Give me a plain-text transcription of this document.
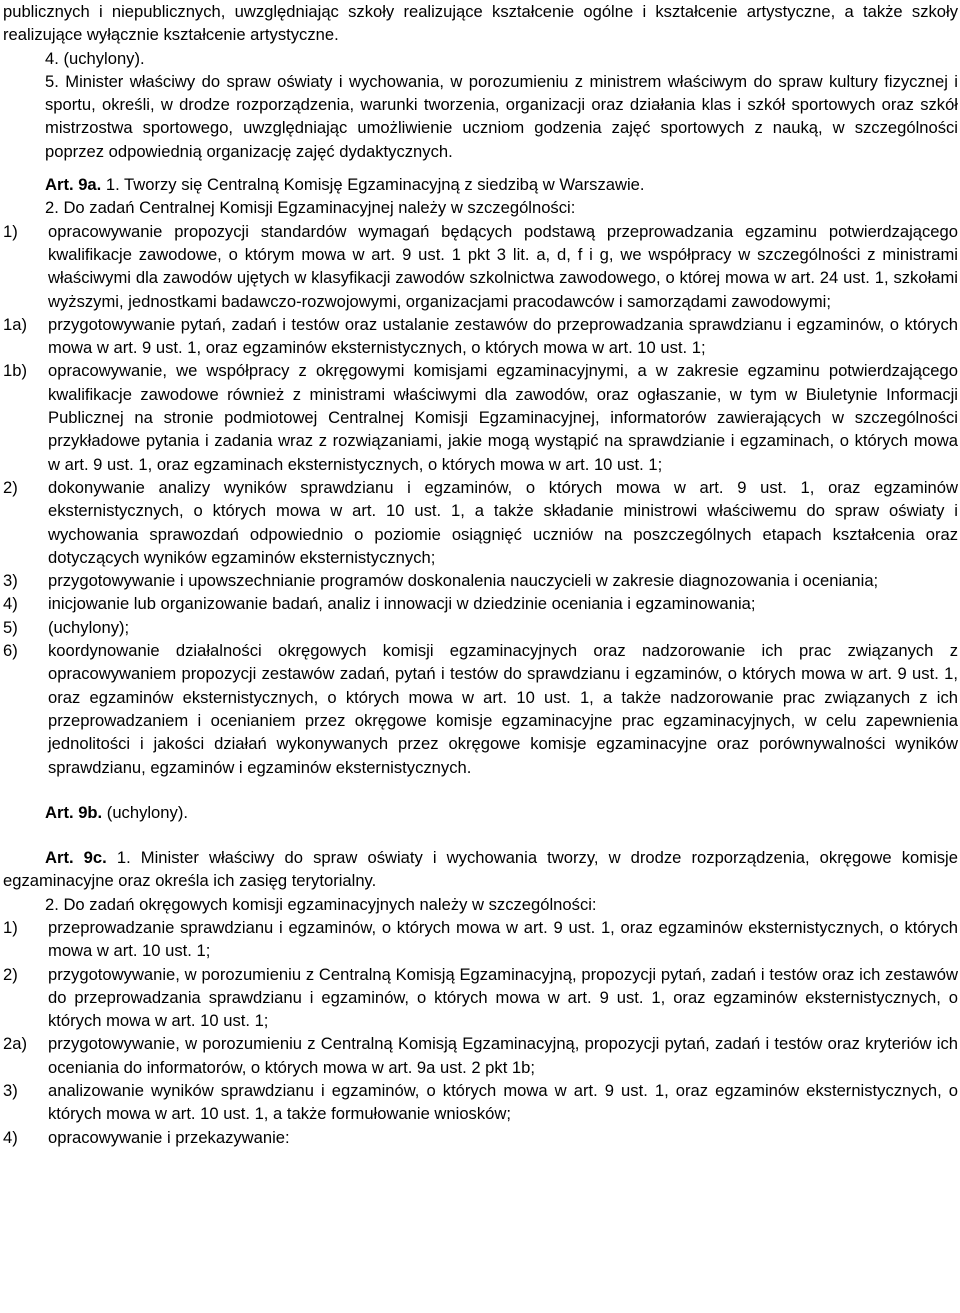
publicznych i niepublicznych, uwzględniając szkoły realizujące kształcenie ogólne i kształcenie artystyczne, a także szkoły realizujące wyłącznie kształcenie artystyczne.

4. (uchylony).

5. Minister właściwy do spraw oświaty i wychowania, w porozumieniu z ministrem właściwym do spraw kultury fizycznej i sportu, określi, w drodze rozporządzenia, warunki tworzenia, organizacji oraz działania klas i szkół sportowych oraz szkół mistrzostwa sportowego, uwzględniając umożliwienie uczniom godzenia zajęć sportowych z nauką, w szczególności poprzez odpowiednią organizację zajęć dydaktycznych.

Art. 9a. 1. Tworzy się Centralną Komisję Egzaminacyjną z siedzibą w Warszawie.

2. Do zadań Centralnej Komisji Egzaminacyjnej należy w szczególności:

1) opracowywanie propozycji standardów wymagań będących podstawą przeprowadzania egzaminu potwierdzającego kwalifikacje zawodowe, o którym mowa w art. 9 ust. 1 pkt 3 lit. a, d, f i g, we współpracy w szczególności z ministrami właściwymi dla zawodów ujętych w klasyfikacji zawodów szkolnictwa zawodowego, o której mowa w art. 24 ust. 1, szkołami wyższymi, jednostkami badawczo-rozwojowymi, organizacjami pracodawców i samorządami zawodowymi;
1a) przygotowywanie pytań, zadań i testów oraz ustalanie zestawów do przeprowadzania sprawdzianu i egzaminów, o których mowa w art. 9 ust. 1, oraz egzaminów eksternistycznych, o których mowa w art. 10 ust. 1;
1b) opracowywanie, we współpracy z okręgowymi komisjami egzaminacyjnymi, a w zakresie egzaminu potwierdzającego kwalifikacje zawodowe również z ministrami właściwymi dla zawodów, oraz ogłaszanie, w tym w Biuletynie Informacji Publicznej na stronie podmiotowej Centralnej Komisji Egzaminacyjnej, informatorów zawierających w szczególności przykładowe pytania i zadania wraz z rozwiązaniami, jakie mogą wystąpić na sprawdzianie i egzaminach, o których mowa w art. 9 ust. 1, oraz egzaminach eksternistycznych, o których mowa w art. 10 ust. 1;
2) dokonywanie analizy wyników sprawdzianu i egzaminów, o których mowa w art. 9 ust. 1, oraz egzaminów eksternistycznych, o których mowa w art. 10 ust. 1, a także składanie ministrowi właściwemu do spraw oświaty i wychowania sprawozdań odpowiednio o poziomie osiągnięć uczniów na poszczególnych etapach kształcenia oraz dotyczących wyników egzaminów eksternistycznych;
3) przygotowywanie i upowszechnianie programów doskonalenia nauczycieli w zakresie diagnozowania i oceniania;
4) inicjowanie lub organizowanie badań, analiz i innowacji w dziedzinie oceniania i egzaminowania;
5) (uchylony);
6) koordynowanie działalności okręgowych komisji egzaminacyjnych oraz nadzorowanie ich prac związanych z opracowywaniem propozycji zestawów zadań, pytań i testów do sprawdzianu i egzaminów, o których mowa w art. 9 ust. 1, oraz egzaminów eksternistycznych, o których mowa w art. 10 ust. 1, a także nadzorowanie prac związanych z ich przeprowadzaniem i ocenianiem przez okręgowe komisje egzaminacyjne prac egzaminacyjnych, w celu zapewnienia jednolitości i jakości działań wykonywanych przez okręgowe komisje egzaminacyjne oraz porównywalności wyników sprawdzianu, egzaminów i egzaminów eksternistycznych.

Art. 9b. (uchylony).

Art. 9c. 1. Minister właściwy do spraw oświaty i wychowania tworzy, w drodze rozporządzenia, okręgowe komisje egzaminacyjne oraz określa ich zasięg terytorialny.

2. Do zadań okręgowych komisji egzaminacyjnych należy w szczególności:

1) przeprowadzanie sprawdzianu i egzaminów, o których mowa w art. 9 ust. 1, oraz egzaminów eksternistycznych, o których mowa w art. 10 ust. 1;
2) przygotowywanie, w porozumieniu z Centralną Komisją Egzaminacyjną, propozycji pytań, zadań i testów oraz ich zestawów do przeprowadzania sprawdzianu i egzaminów, o których mowa w art. 9 ust. 1, oraz egzaminów eksternistycznych, o których mowa w art. 10 ust. 1;
2a) przygotowywanie, w porozumieniu z Centralną Komisją Egzaminacyjną, propozycji pytań, zadań i testów oraz kryteriów ich oceniania do informatorów, o których mowa w art. 9a ust. 2 pkt 1b;
3) analizowanie wyników sprawdzianu i egzaminów, o których mowa w art. 9 ust. 1, oraz egzaminów eksternistycznych, o których mowa w art. 10 ust. 1, a także formułowanie wniosków;
4) opracowywanie i przekazywanie:
